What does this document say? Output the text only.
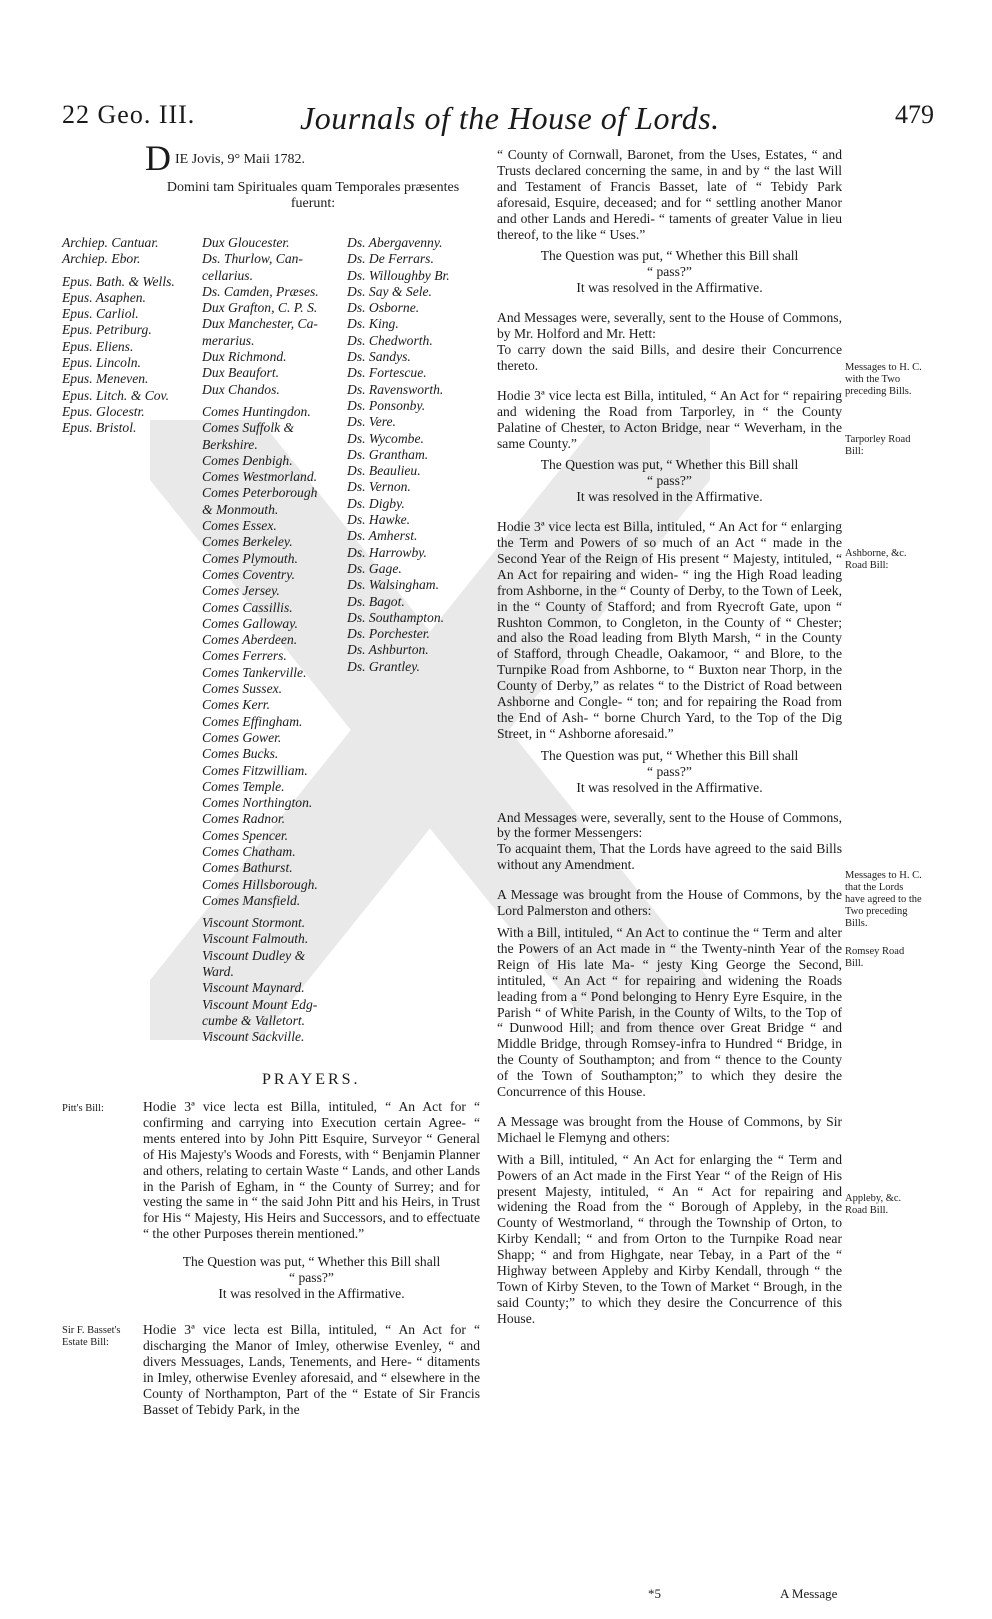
22 Geo. III.	Journals of the House of Lords.	479
D IE Jovis, 9° Maii 1782.
Domini tam Spirituales quam Temporales præsentes fuerunt:
Archiep. Cantuar.
Archiep. Ebor.

Epus. Bath. & Wells.
Epus. Asaphen.
Epus. Carliol.
Epus. Petriburg.
Epus. Eliens.
Epus. Lincoln.
Epus. Meneven.
Epus. Litch. & Cov.
Epus. Glocestr.
Epus. Bristol.
Dux Gloucester.
Ds. Thurlow, Can-
cellarius.
Ds. Camden, Præses.
Dux Grafton, C. P. S.
Dux Manchester, Ca-
merarius.
Dux Richmond.
Dux Beaufort.
Dux Chandos.

Comes Huntingdon.
Comes Suffolk &
Berkshire.
Comes Denbigh.
Comes Westmorland.
Comes Peterborough
& Monmouth.
Comes Essex.
Comes Berkeley.
Comes Plymouth.
Comes Coventry.
Comes Jersey.
Comes Cassillis.
Comes Galloway.
Comes Aberdeen.
Comes Ferrers.
Comes Tankerville.
Comes Sussex.
Comes Kerr.
Comes Effingham.
Comes Gower.
Comes Bucks.
Comes Fitzwilliam.
Comes Temple.
Comes Northington.
Comes Radnor.
Comes Spencer.
Comes Chatham.
Comes Bathurst.
Comes Hillsborough.
Comes Mansfield.

Viscount Stormont.
Viscount Falmouth.
Viscount Dudley &
Ward.
Viscount Maynard.
Viscount Mount Edg-
cumbe & Valletort.
Viscount Sackville.
Ds. Abergavenny.
Ds. De Ferrars.
Ds. Willoughby Br.
Ds. Say & Sele.
Ds. Osborne.
Ds. King.
Ds. Chedworth.
Ds. Sandys.
Ds. Fortescue.
Ds. Ravensworth.
Ds. Ponsonby.
Ds. Vere.
Ds. Wycombe.
Ds. Grantham.
Ds. Beaulieu.
Ds. Vernon.
Ds. Digby.
Ds. Hawke.
Ds. Amherst.
Ds. Harrowby.
Ds. Gage.
Ds. Walsingham.
Ds. Bagot.
Ds. Southampton.
Ds. Porchester.
Ds. Ashburton.
Ds. Grantley.
PRAYERS.
Pitt's Bill:	Hodie 3ª vice lecta est Billa, intituled, “ An Act for “ confirming and carrying into Execution certain Agree- “ ments entered into by John Pitt Esquire, Surveyor “ General of His Majesty's Woods and Forests, with “ Benjamin Planner and others, relating to certain Waste “ Lands, and other Lands in the Parish of Egham, in “ the County of Surrey; and for vesting the same in “ the said John Pitt and his Heirs, in Trust for His “ Majesty, His Heirs and Successors, and to effectuate “ the other Purposes therein mentioned.”

The Question was put, “ Whether this Bill shall

“ pass?”

It was resolved in the Affirmative.

Sir F. Basset's Estate Bill:

Hodie 3ª vice lecta est Billa, intituled, “ An Act for “ discharging the Manor of Imley, otherwise Evenley, “ and divers Messuages, Lands, Tenements, and Here- “ ditaments in Imley, otherwise Evenley aforesaid, and “ elsewhere in the County of Northampton, Part of the “ Estate of Sir Francis Basset of Tebidy Park, in the

“ County of Cornwall, Baronet, from the Uses, Estates, “ and Trusts declared concerning the same, in and by “ the last Will and Testament of Francis Basset, late of “ Tebidy Park aforesaid, Esquire, deceased; and for “ settling another Manor and other Lands and Heredi- “ taments of greater Value in lieu thereof, to the like “ Uses.”

The Question was put, “ Whether this Bill shall

“ pass?”

It was resolved in the Affirmative.

And Messages were, severally, sent to the House of Commons, by Mr. Holford and Mr. Hett:

To carry down the said Bills, and desire their Concurrence thereto.

Hodie 3ª vice lecta est Billa, intituled, “ An Act for “ repairing and widening the Road from Tarporley, in “ the County Palatine of Chester, to Acton Bridge, near “ Weverham, in the same County.”

The Question was put, “ Whether this Bill shall

“ pass?”

It was resolved in the Affirmative.

Hodie 3ª vice lecta est Billa, intituled, “ An Act for “ enlarging the Term and Powers of so much of an Act “ made in the Second Year of the Reign of His present “ Majesty, intituled, “ An Act for repairing and widen- “ ing the High Road leading from Ashborne, in the “ County of Derby, to the Town of Leek, in the “ County of Stafford; and from Ryecroft Gate, upon “ Rushton Common, to Congleton, in the County of “ Chester; and also the Road leading from Blyth Marsh, “ in the County of Stafford, through Cheadle, Oakamoor, “ and Blore, to the Turnpike Road from Ashborne, to “ Buxton near Thorp, in the County of Derby,” as relates “ to the District of Road between Ashborne and Congle- “ ton; and for repairing the Road from the End of Ash- “ borne Church Yard, to the Top of the Dig Street, in “ Ashborne aforesaid.”

The Question was put, “ Whether this Bill shall

“ pass?”

It was resolved in the Affirmative.

And Messages were, severally, sent to the House of Commons, by the former Messengers:

To acquaint them, That the Lords have agreed to the said Bills without any Amendment.

A Message was brought from the House of Commons, by the Lord Palmerston and others:

With a Bill, intituled, “ An Act to continue the “ Term and alter the Powers of an Act made in “ the Twenty-ninth Year of the Reign of His late Ma- “ jesty King George the Second, intituled, “ An Act “ for repairing and widening the Roads leading from a “ Pond belonging to Henry Eyre Esquire, in the Parish “ of White Parish, in the County of Wilts, to the Top of “ Dunwood Hill; and from thence over Great Bridge “ and Middle Bridge, through Romsey-infra to Hundred “ Bridge, in the County of Southampton; and from “ thence to the County of the Town of Southampton;” to which they desire the Concurrence of this House.

A Message was brought from the House of Commons, by Sir Michael le Flemyng and others:

With a Bill, intituled, “ An Act for enlarging the “ Term and Powers of an Act made in the First Year “ of the Reign of His present Majesty, intituled, “ An “ Act for repairing and widening the Road from the “ Borough of Appleby, in the County of Westmorland, “ through the Township of Orton, to Kirby Kendall; “ and from Orton to the Turnpike Road near Shapp; “ and from Highgate, near Tebay, in a Part of the “ Highway between Appleby and Kirby Kendall, through “ the Town of Kirby Steven, to the Town of Market “ Brough, in the said County;” to which they desire the Concurrence of this House.

Messages to H. C. with the Two preceding Bills.
Tarporley Road Bill:
Ashborne, &c. Road Bill:
Messages to H. C. that the Lords have agreed to the Two preceding Bills.
Romsey Road Bill.
Appleby, &c. Road Bill.
*5	A Message
